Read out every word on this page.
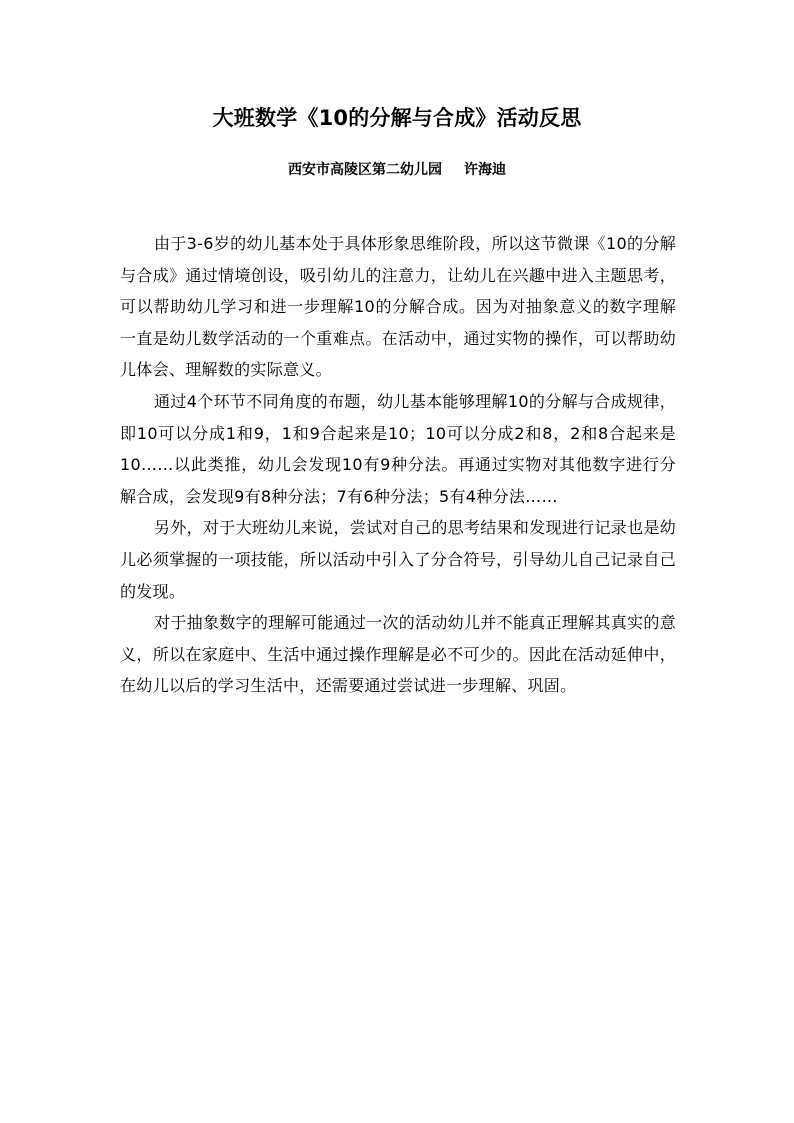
大班数学《10的分解与合成》活动反思
西安市高陵区第二幼儿园 许海迪

由于3-6岁的幼儿基本处于具体形象思维阶段，所以这节微课《10的分解与合成》通过情境创设，吸引幼儿的注意力，让幼儿在兴趣中进入主题思考，可以帮助幼儿学习和进一步理解10的分解合成。因为对抽象意义的数字理解一直是幼儿数学活动的一个重难点。在活动中，通过实物的操作，可以帮助幼儿体会、理解数的实际意义。

通过4个环节不同角度的布题，幼儿基本能够理解10的分解与合成规律，即10可以分成1和9，1和9合起来是10；10可以分成2和8，2和8合起来是10……以此类推，幼儿会发现10有9种分法。再通过实物对其他数字进行分解合成，会发现9有8种分法；7有6种分法；5有4种分法……

另外，对于大班幼儿来说，尝试对自己的思考结果和发现进行记录也是幼儿必须掌握的一项技能，所以活动中引入了分合符号，引导幼儿自己记录自己的发现。

对于抽象数字的理解可能通过一次的活动幼儿并不能真正理解其真实的意义，所以在家庭中、生活中通过操作理解是必不可少的。因此在活动延伸中，在幼儿以后的学习生活中，还需要通过尝试进一步理解、巩固。
